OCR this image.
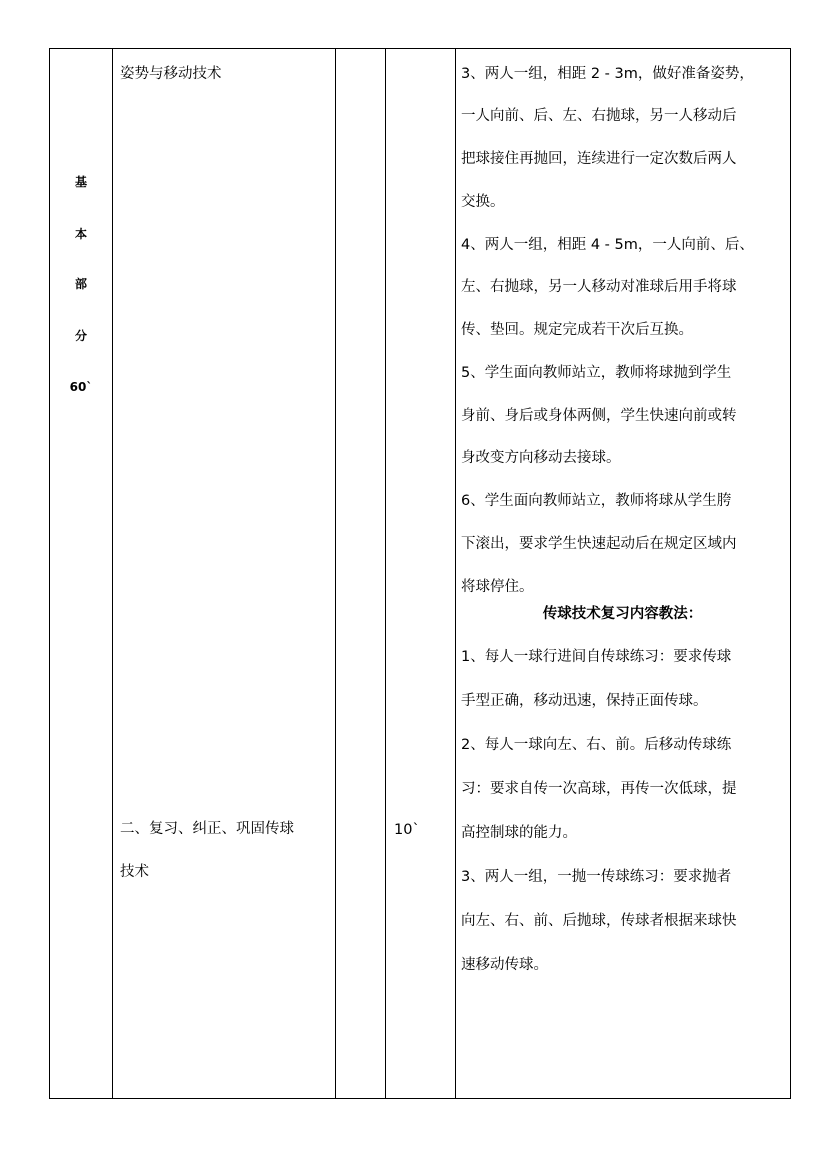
基
本
部
分
60`
姿势与移动技术
二、复习、纠正、巩固传球
技术
10`
3、两人一组，相距 2 - 3m，做好准备姿势，
一人向前、后、左、右抛球，另一人移动后
把球接住再抛回，连续进行一定次数后两人
交换。
4、两人一组，相距 4 - 5m，一人向前、后、
左、右抛球，另一人移动对准球后用手将球
传、垫回。规定完成若干次后互换。
5、学生面向教师站立，教师将球抛到学生
身前、身后或身体两侧，学生快速向前或转
身改变方向移动去接球。
6、学生面向教师站立，教师将球从学生胯
下滚出，要求学生快速起动后在规定区域内
将球停住。
传球技术复习内容教法：
1、每人一球行进间自传球练习：要求传球
手型正确，移动迅速，保持正面传球。
2、每人一球向左、右、前。后移动传球练
习：要求自传一次高球，再传一次低球，提
高控制球的能力。
3、两人一组，一抛一传球练习：要求抛者
向左、右、前、后抛球，传球者根据来球快
速移动传球。
